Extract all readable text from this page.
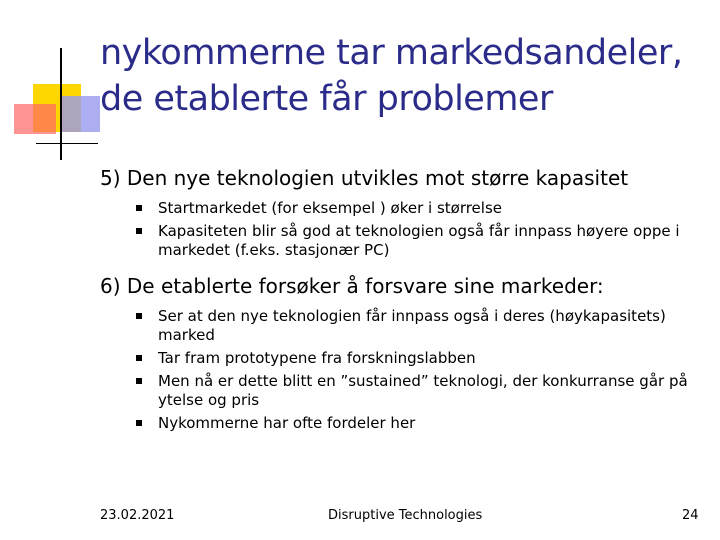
nykommerne tar markedsandeler,
de etablerte får problemer
5) Den nye teknologien utvikles mot større kapasitet
Startmarkedet (for eksempel ) øker i størrelse
Kapasiteten blir så god at teknologien også får innpass høyere oppe i markedet (f.eks. stasjonær PC)
6) De etablerte forsøker å forsvare sine markeder:
Ser at den nye teknologien får innpass også i deres (høykapasitets) marked
Tar fram prototypene fra forskningslabben
Men nå er dette blitt en ”sustained” teknologi, der konkurranse går på ytelse og pris
Nykommerne har ofte fordeler her
23.02.2021	Disruptive Technologies	24
